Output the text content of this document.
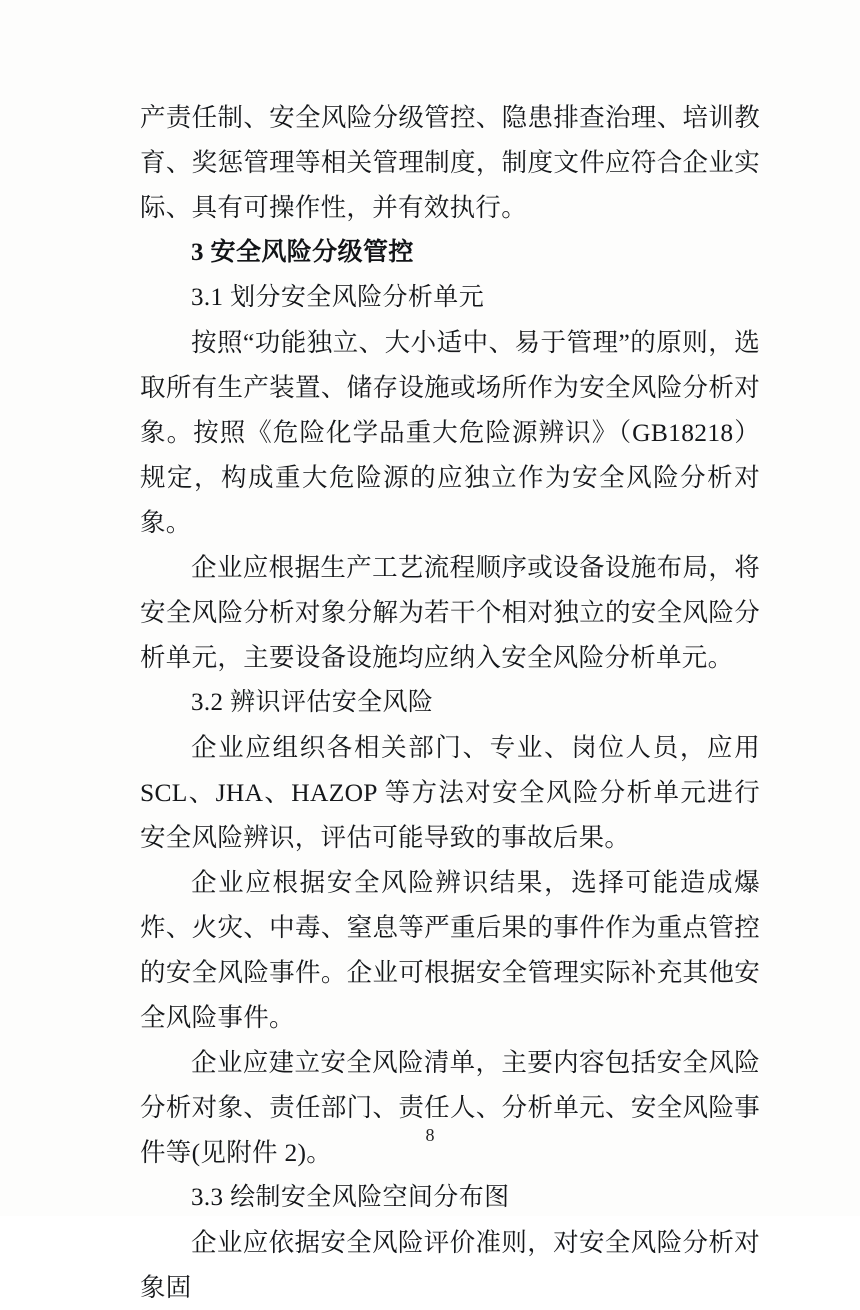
产责任制、安全风险分级管控、隐患排查治理、培训教育、奖惩管理等相关管理制度，制度文件应符合企业实际、具有可操作性，并有效执行。

3 安全风险分级管控
3.1 划分安全风险分析单元

按照“功能独立、大小适中、易于管理”的原则，选取所有生产装置、储存设施或场所作为安全风险分析对象。按照《危险化学品重大危险源辨识》（GB18218）规定，构成重大危险源的应独立作为安全风险分析对象。

企业应根据生产工艺流程顺序或设备设施布局，将安全风险分析对象分解为若干个相对独立的安全风险分析单元，主要设备设施均应纳入安全风险分析单元。

3.2 辨识评估安全风险

企业应组织各相关部门、专业、岗位人员，应用 SCL、JHA、HAZOP 等方法对安全风险分析单元进行安全风险辨识，评估可能导致的事故后果。

企业应根据安全风险辨识结果，选择可能造成爆炸、火灾、中毒、窒息等严重后果的事件作为重点管控的安全风险事件。企业可根据安全管理实际补充其他安全风险事件。

企业应建立安全风险清单，主要内容包括安全风险分析对象、责任部门、责任人、分析单元、安全风险事件等(见附件 2)。

3.3 绘制安全风险空间分布图

企业应依据安全风险评价准则，对安全风险分析对象固

8
